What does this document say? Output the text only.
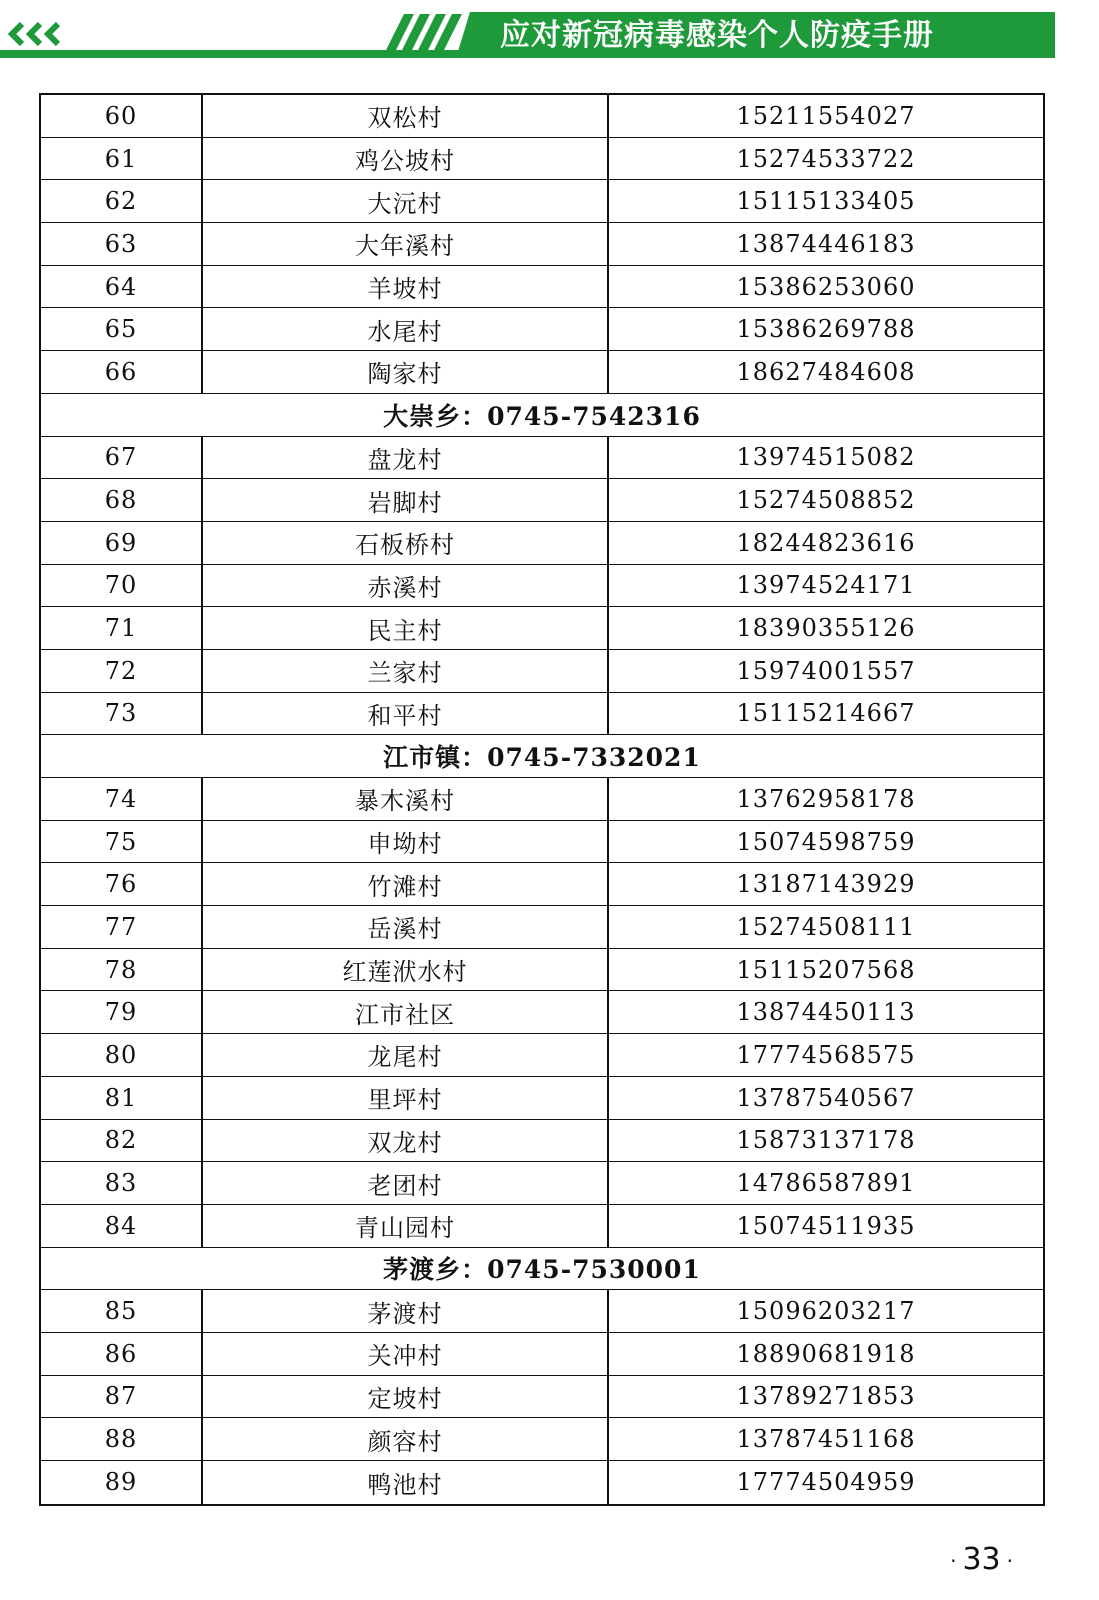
应对新冠病毒感染个人防疫手册
60	双松村	15211554027
61	鸡公坡村	15274533722
62	大沅村	15115133405
63	大年溪村	13874446183
64	羊坡村	15386253060
65	水尾村	15386269788
66	陶家村	18627484608
大崇乡：0745-7542316
67	盘龙村	13974515082
68	岩脚村	15274508852
69	石板桥村	18244823616
70	赤溪村	13974524171
71	民主村	18390355126
72	兰家村	15974001557
73	和平村	15115214667
江市镇：0745-7332021
74	暴木溪村	13762958178
75	申坳村	15074598759
76	竹滩村	13187143929
77	岳溪村	15274508111
78	红莲洑水村	15115207568
79	江市社区	13874450113
80	龙尾村	17774568575
81	里坪村	13787540567
82	双龙村	15873137178
83	老团村	14786587891
84	青山园村	15074511935
茅渡乡：0745-7530001
85	茅渡村	15096203217
86	关冲村	18890681918
87	定坡村	13789271853
88	颜容村	13787451168
89	鸭池村	17774504959
· 33 ·
